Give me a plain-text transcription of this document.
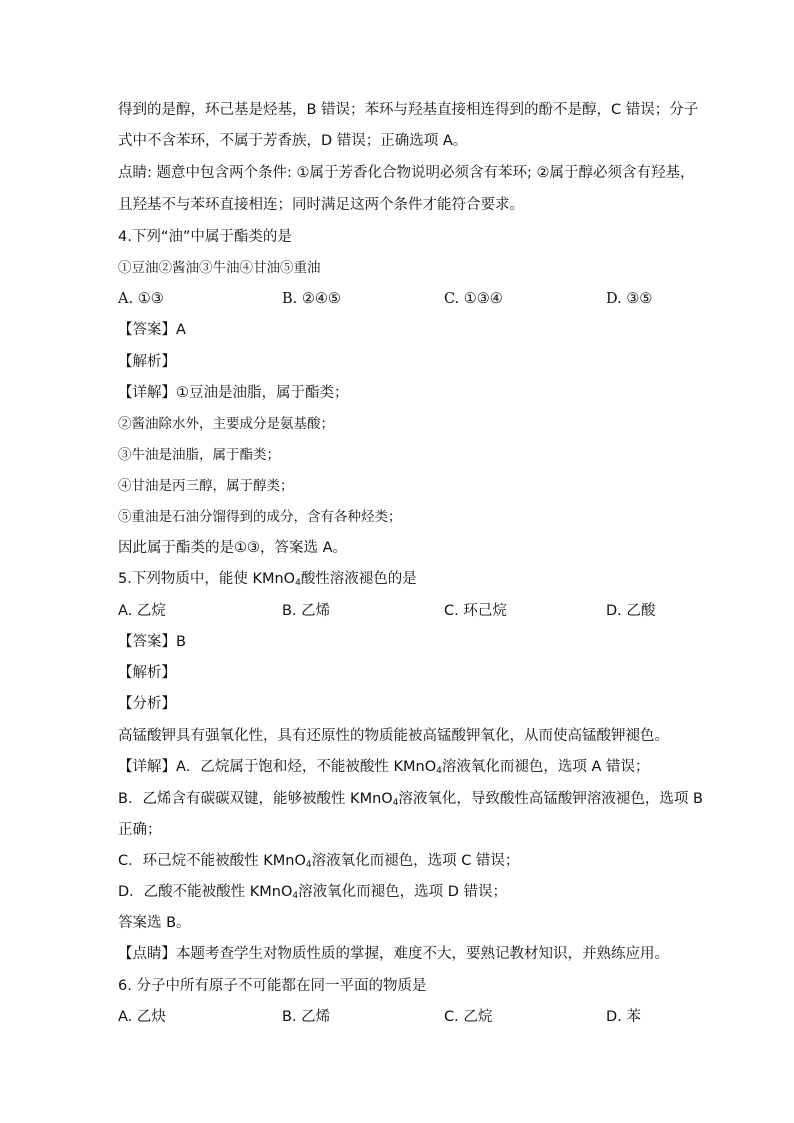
得到的是醇，环己基是烃基，B 错误；苯环与羟基直接相连得到的酚不是醇，C 错误；分子
式中不含苯环，不属于芳香族，D 错误；正确选项 A。
点睛: 题意中包含两个条件: ①属于芳香化合物说明必须含有苯环; ②属于醇必须含有羟基，
且羟基不与苯环直接相连；同时满足这两个条件才能符合要求。
4.下列“油”中属于酯类的是
①豆油②酱油③牛油④甘油⑤重油
A. ①③	B. ②④⑤	C. ①③④	D. ③⑤
【答案】A
【解析】
【详解】①豆油是油脂，属于酯类；
②酱油除水外，主要成分是氨基酸；
③牛油是油脂，属于酯类；
④甘油是丙三醇，属于醇类；
⑤重油是石油分馏得到的成分，含有各种烃类；
因此属于酯类的是①③，答案选 A。
5.下列物质中，能使 KMnO$_4$酸性溶液褪色的是
A. 乙烷	B. 乙烯	C. 环己烷	D. 乙酸
【答案】B
【解析】
【分析】
高锰酸钾具有强氧化性，具有还原性的物质能被高锰酸钾氧化，从而使高锰酸钾褪色。
【详解】A．乙烷属于饱和烃，不能被酸性 KMnO$_4$溶液氧化而褪色，选项 A 错误；
B．乙烯含有碳碳双键，能够被酸性 KMnO$_4$溶液氧化，导致酸性高锰酸钾溶液褪色，选项 B
正确；
C．环己烷不能被酸性 KMnO$_4$溶液氧化而褪色，选项 C 错误；
D．乙酸不能被酸性 KMnO$_4$溶液氧化而褪色，选项 D 错误；
答案选 B。
【点睛】本题考查学生对物质性质的掌握，难度不大，要熟记教材知识，并熟练应用。
6. 分子中所有原子不可能都在同一平面的物质是
A. 乙炔	B. 乙烯	C. 乙烷	D. 苯
